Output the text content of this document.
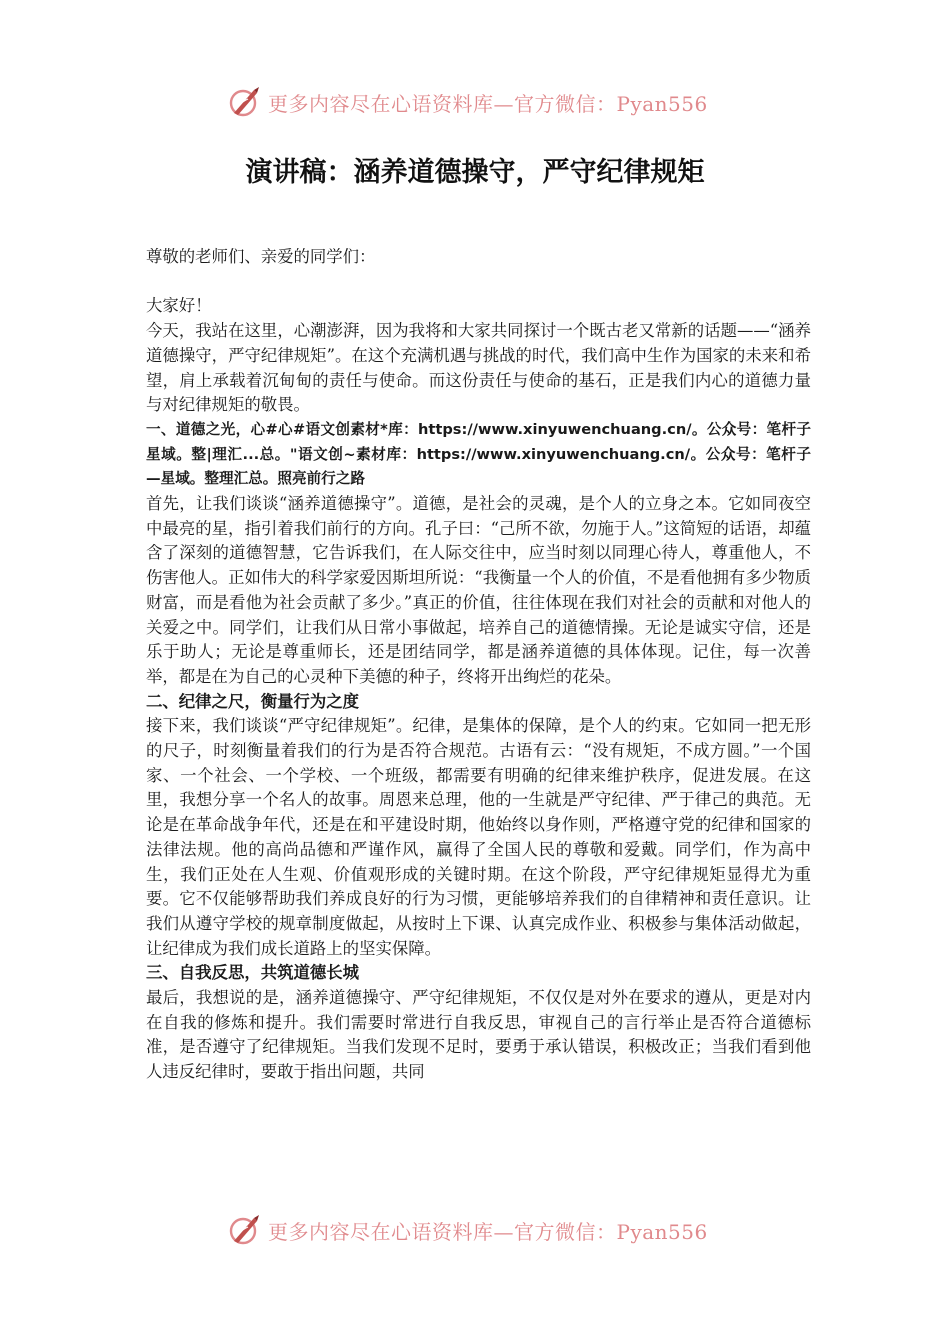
更多内容尽在心语资料库—官方微信：Pyan556
演讲稿：涵养道德操守，严守纪律规矩

尊敬的老师们、亲爱的同学们：

大家好！

今天，我站在这里，心潮澎湃，因为我将和大家共同探讨一个既古老又常新的话题——“涵养道德操守，严守纪律规矩”。在这个充满机遇与挑战的时代，我们高中生作为国家的未来和希望，肩上承载着沉甸甸的责任与使命。而这份责任与使命的基石，正是我们内心的道德力量与对纪律规矩的敬畏。

一、道德之光，心#心#语文创素材*库：https://www.xinyuwenchuang.cn/。公众号：笔杆子星域。整|理汇...总。"语文创~素材库：https://www.xinyuwenchuang.cn/。公众号：笔杆子—星域。整理汇总。照亮前行之路

首先，让我们谈谈“涵养道德操守”。道德，是社会的灵魂，是个人的立身之本。它如同夜空中最亮的星，指引着我们前行的方向。孔子曰：“己所不欲，勿施于人。”这简短的话语，却蕴含了深刻的道德智慧，它告诉我们，在人际交往中，应当时刻以同理心待人，尊重他人，不伤害他人。正如伟大的科学家爱因斯坦所说：“我衡量一个人的价值，不是看他拥有多少物质财富，而是看他为社会贡献了多少。”真正的价值，往往体现在我们对社会的贡献和对他人的关爱之中。同学们，让我们从日常小事做起，培养自己的道德情操。无论是诚实守信，还是乐于助人；无论是尊重师长，还是团结同学，都是涵养道德的具体体现。记住，每一次善举，都是在为自己的心灵种下美德的种子，终将开出绚烂的花朵。

二、纪律之尺，衡量行为之度

接下来，我们谈谈“严守纪律规矩”。纪律，是集体的保障，是个人的约束。它如同一把无形的尺子，时刻衡量着我们的行为是否符合规范。古语有云：“没有规矩，不成方圆。”一个国家、一个社会、一个学校、一个班级，都需要有明确的纪律来维护秩序，促进发展。在这里，我想分享一个名人的故事。周恩来总理，他的一生就是严守纪律、严于律己的典范。无论是在革命战争年代，还是在和平建设时期，他始终以身作则，严格遵守党的纪律和国家的法律法规。他的高尚品德和严谨作风，赢得了全国人民的尊敬和爱戴。同学们，作为高中生，我们正处在人生观、价值观形成的关键时期。在这个阶段，严守纪律规矩显得尤为重要。它不仅能够帮助我们养成良好的行为习惯，更能够培养我们的自律精神和责任意识。让我们从遵守学校的规章制度做起，从按时上下课、认真完成作业、积极参与集体活动做起，让纪律成为我们成长道路上的坚实保障。

三、自我反思，共筑道德长城

最后，我想说的是，涵养道德操守、严守纪律规矩，不仅仅是对外在要求的遵从，更是对内在自我的修炼和提升。我们需要时常进行自我反思，审视自己的言行举止是否符合道德标准，是否遵守了纪律规矩。当我们发现不足时，要勇于承认错误，积极改正；当我们看到他人违反纪律时，要敢于指出问题，共同

更多内容尽在心语资料库—官方微信：Pyan556
